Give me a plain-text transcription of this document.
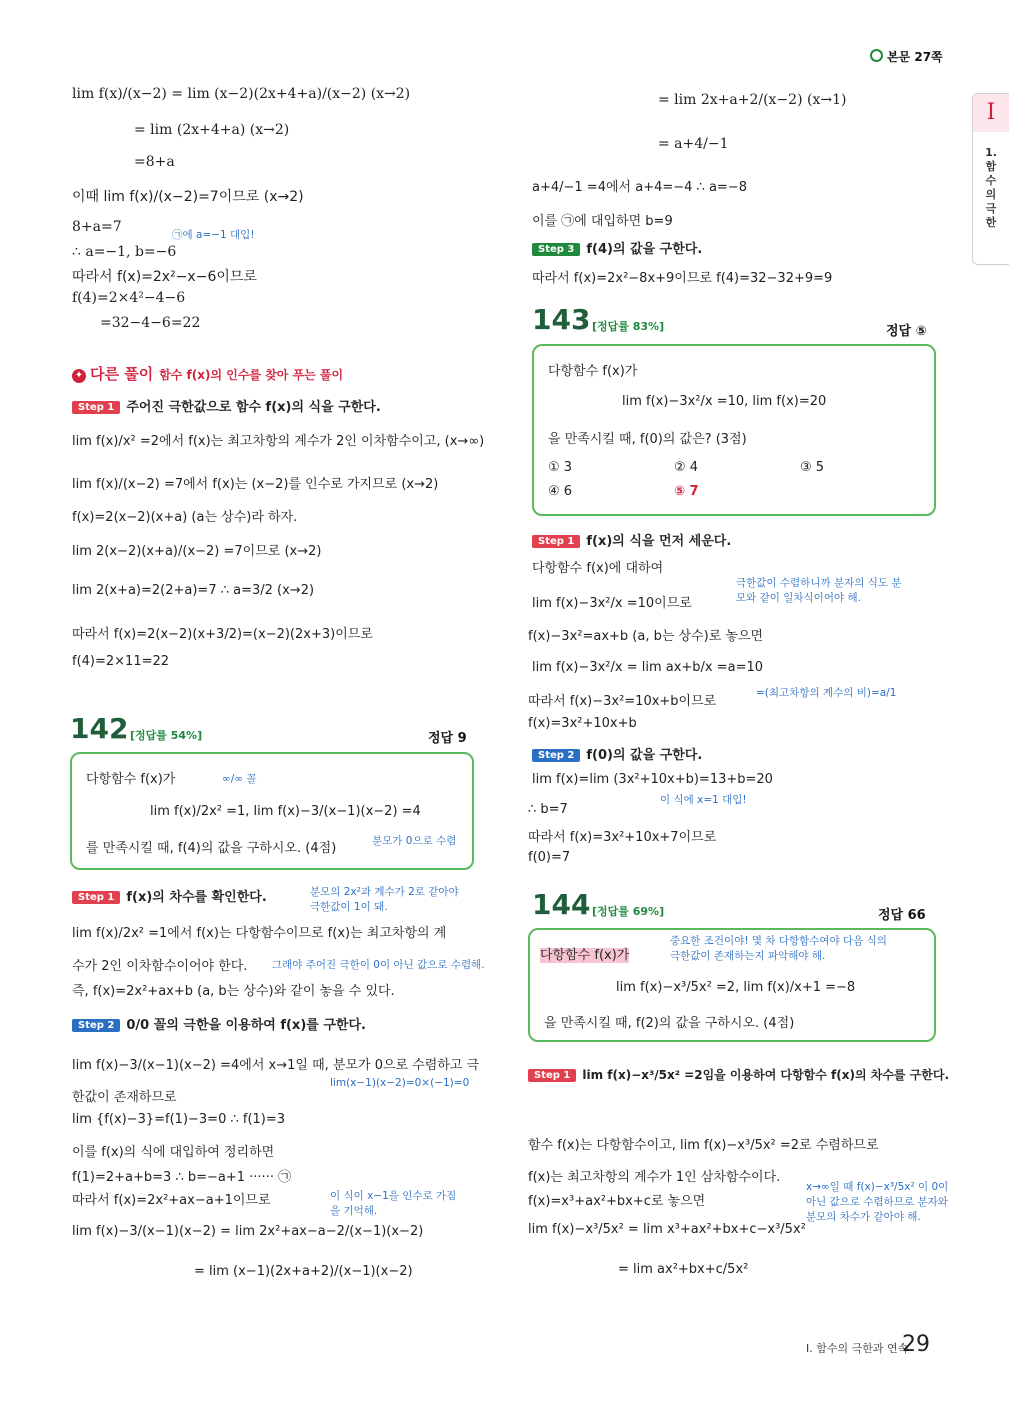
본문 27쪽
I
1.
함
수
의
극
한
lim f(x)/(x−2) = lim (x−2)(2x+4+a)/(x−2) (x→2)
= lim (2x+4+a) (x→2)
=8+a
이때 lim f(x)/(x−2)=7이므로 (x→2)
8+a=7	㉠에 a=−1 대입!
∴ a=−1, b=−6
따라서 f(x)=2x²−x−6이므로
f(4)=2×4²−4−6
=32−4−6=22
✦ 다른 풀이 함수 f(x)의 인수를 찾아 푸는 풀이
Step 1 주어진 극한값으로 함수 f(x)의 식을 구한다.
lim f(x)/x² =2에서 f(x)는 최고차항의 계수가 2인 이차함수이고, (x→∞)
lim f(x)/(x−2) =7에서 f(x)는 (x−2)를 인수로 가지므로 (x→2)
f(x)=2(x−2)(x+a) (a는 상수)라 하자.
lim 2(x−2)(x+a)/(x−2) =7이므로 (x→2)
lim 2(x+a)=2(2+a)=7 ∴ a=3/2 (x→2)
따라서 f(x)=2(x−2)(x+3/2)=(x−2)(2x+3)이므로
f(4)=2×11=22
142 [정답률 54%]	정답 9
다항함수 f(x)가
lim f(x)/2x² =1, lim f(x)−3/(x−1)(x−2) =4
를 만족시킬 때, f(4)의 값을 구하시오. (4점)
∞/∞ 꼴
분모가 0으로 수렴
Step 1 f(x)의 차수를 확인한다.	분모의 2x²과 계수가 2로 같아야 극한값이 1이 돼.
lim f(x)/2x² =1에서 f(x)는 다항함수이므로 f(x)는 최고차항의 계
수가 2인 이차함수이어야 한다. 그래야 주어진 극한이 0이 아닌 값으로 수렴해.
즉, f(x)=2x²+ax+b (a, b는 상수)와 같이 놓을 수 있다.
Step 2 0/0 꼴의 극한을 이용하여 f(x)를 구한다.
lim f(x)−3/(x−1)(x−2) =4에서 x→1일 때, 분모가 0으로 수렴하고 극
lim(x−1)(x−2)=0×(−1)=0
한값이 존재하므로
lim {f(x)−3}=f(1)−3=0 ∴ f(1)=3
이를 f(x)의 식에 대입하여 정리하면
f(1)=2+a+b=3 ∴ b=−a+1 ······ ㉠
따라서 f(x)=2x²+ax−a+1이므로	이 식이 x−1을 인수로 가짐을 기억해.
lim f(x)−3/(x−1)(x−2) = lim 2x²+ax−a−2/(x−1)(x−2)
= lim (x−1)(2x+a+2)/(x−1)(x−2)
= lim 2x+a+2/(x−2) (x→1)
= a+4/−1
a+4/−1 =4에서 a+4=−4 ∴ a=−8
이를 ㉠에 대입하면 b=9
Step 3 f(4)의 값을 구한다.
따라서 f(x)=2x²−8x+9이므로 f(4)=32−32+9=9
143 [정답률 83%]	정답 ⑤
다항함수 f(x)가
lim f(x)−3x²/x =10, lim f(x)=20
을 만족시킬 때, f(0)의 값은? (3점)
① 3	② 4	③ 5
④ 6	⑤ 7
Step 1 f(x)의 식을 먼저 세운다.
다항함수 f(x)에 대하여
lim f(x)−3x²/x =10이므로
극한값이 수렴하니까 분자의 식도 분모와 같이 일차식이어야 해.
f(x)−3x²=ax+b (a, b는 상수)로 놓으면
lim f(x)−3x²/x = lim ax+b/x =a=10
따라서 f(x)−3x²=10x+b이므로
=(최고차항의 계수의 비)=a/1
f(x)=3x²+10x+b
Step 2 f(0)의 값을 구한다.
lim f(x)=lim (3x²+10x+b)=13+b=20
이 식에 x=1 대입!
∴ b=7
따라서 f(x)=3x²+10x+7이므로
f(0)=7
144 [정답률 69%]	정답 66
다항함수 f(x)가
중요한 조건이야! 몇 차 다항함수여야 다음 식의 극한값이 존재하는지 파악해야 해.
lim f(x)−x³/5x² =2, lim f(x)/x+1 =−8
을 만족시킬 때, f(2)의 값을 구하시오. (4점)
Step 1 lim f(x)−x³/5x² =2임을 이용하여 다항함수 f(x)의 차수를 구한다.
함수 f(x)는 다항함수이고, lim f(x)−x³/5x² =2로 수렴하므로
f(x)는 최고차항의 계수가 1인 삼차함수이다.
f(x)=x³+ax²+bx+c로 놓으면
x→∞일 때 f(x)−x³/5x² 이 0이 아닌 값으로 수렴하므로 분자와 분모의 차수가 같아야 해.
lim f(x)−x³/5x² = lim x³+ax²+bx+c−x³/5x²
= lim ax²+bx+c/5x²
I. 함수의 극한과 연속
29
